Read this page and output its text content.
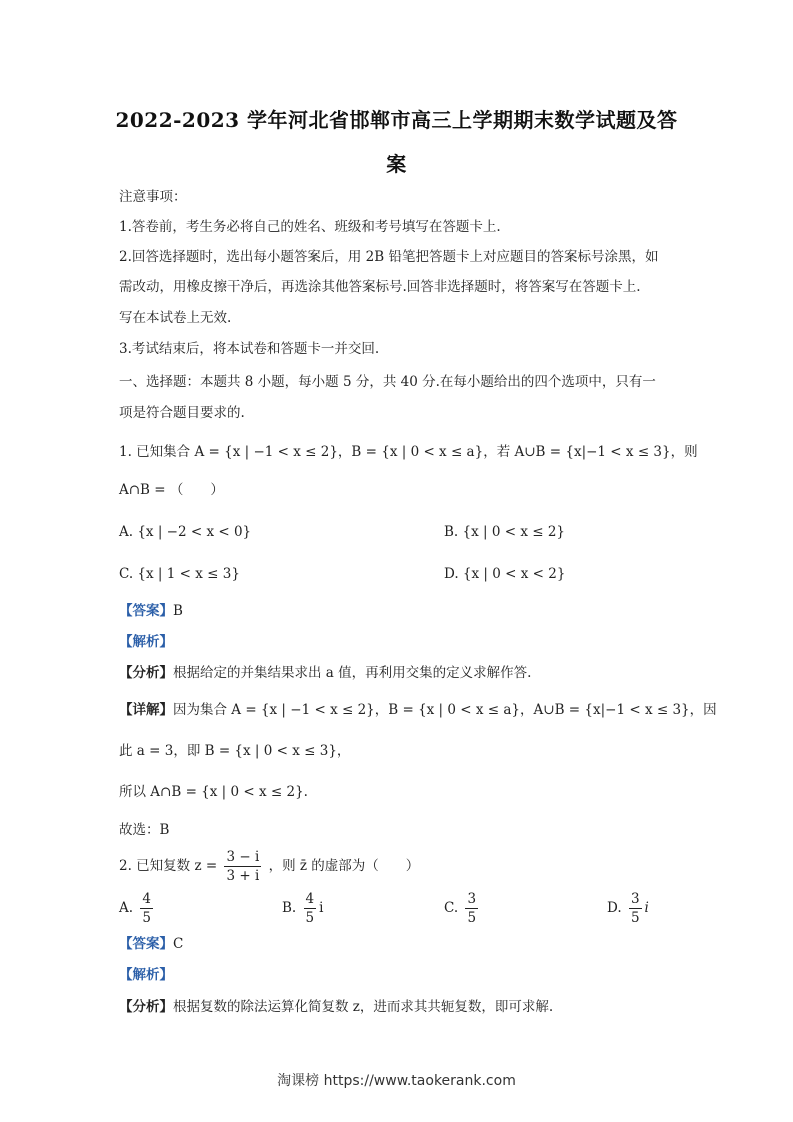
2022-2023 学年河北省邯郸市高三上学期期末数学试题及答
案
注意事项：
1.答卷前，考生务必将自己的姓名、班级和考号填写在答题卡上.
2.回答选择题时，选出每小题答案后，用 2B 铅笔把答题卡上对应题目的答案标号涂黑，如
需改动，用橡皮擦干净后，再选涂其他答案标号.回答非选择题时，将答案写在答题卡上.
写在本试卷上无效.
3.考试结束后，将本试卷和答题卡一并交回.
一、选择题：本题共 8 小题，每小题 5 分，共 40 分.在每小题给出的四个选项中，只有一
项是符合题目要求的.
1. 已知集合 A = {x | −1 < x ≤ 2}，B = {x | 0 < x ≤ a}，若 A∪B = {x|−1 < x ≤ 3}，则
A∩B = （　　）
A. {x | −2 < x < 0}	B. {x | 0 < x ≤ 2}
C. {x | 1 < x ≤ 3}	D. {x | 0 < x < 2}
【答案】B
【解析】
【分析】根据给定的并集结果求出 a 值，再利用交集的定义求解作答.
【详解】因为集合 A = {x | −1 < x ≤ 2}，B = {x | 0 < x ≤ a}，A∪B = {x|−1 < x ≤ 3}，因
此 a = 3，即 B = {x | 0 < x ≤ 3}，
所以 A∩B = {x | 0 < x ≤ 2}.
故选：B
2. 已知复数 $z = \frac{3 - i}{3 + i}$ ，则 z̄ 的虚部为（　　）
A. $\frac{4}{5}$	B. $\frac{4}{5}$ i	C. $\frac{3}{5}$	D. $\frac{3}{5}$ i
【答案】C
【解析】
【分析】根据复数的除法运算化简复数 z，进而求其共轭复数，即可求解.
淘课榜 https://www.taokerank.com
